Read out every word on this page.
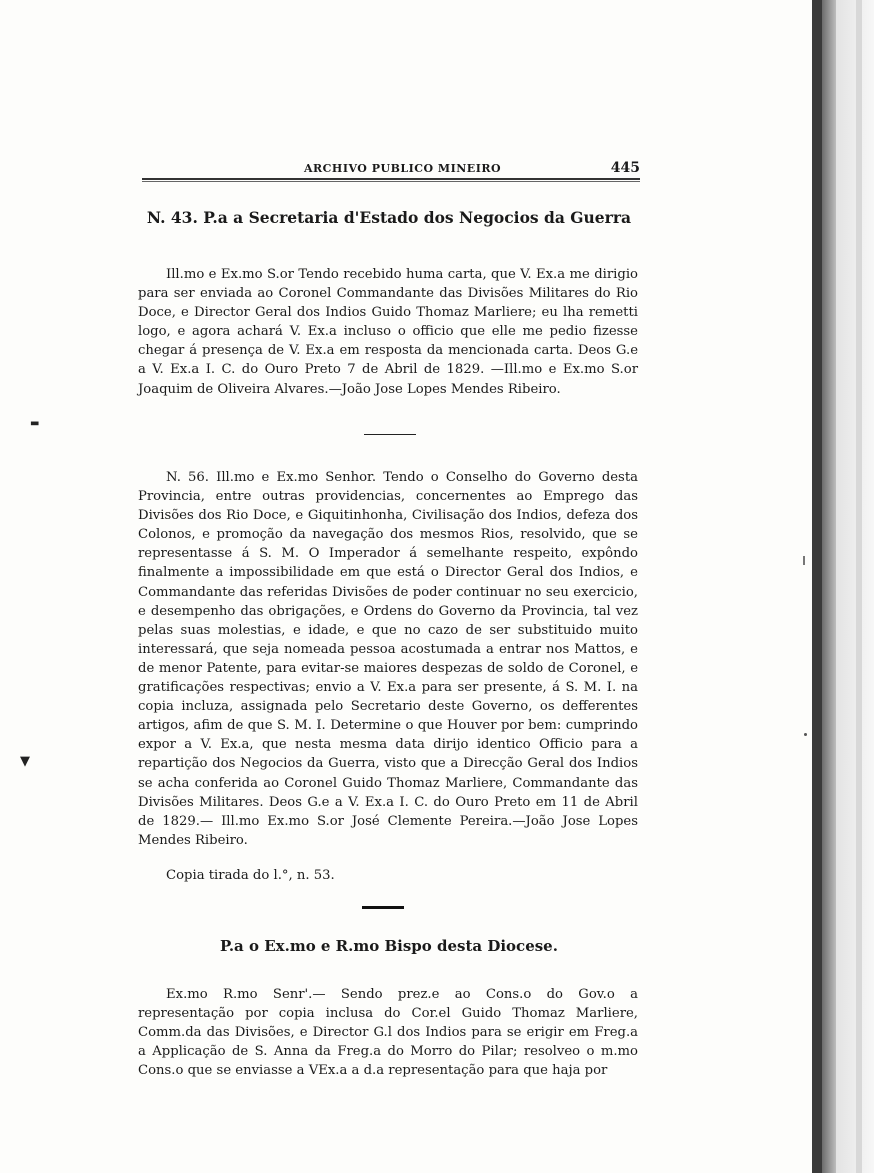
ARCHIVO PUBLICO MINEIRO	445
N. 43. P.a a Secretaria d'Estado dos Negocios da Guerra
Ill.mo e Ex.mo S.or Tendo recebido huma carta, que V. Ex.a me dirigio para ser enviada ao Coronel Commandante das Divisões Militares do Rio Doce, e Director Geral dos Indios Guido Thomaz Marliere; eu lha remetti logo, e agora achará V. Ex.a incluso o officio que elle me pedio fizesse chegar á presença de V. Ex.a em resposta da mencionada carta. Deos G.e a V. Ex.a I. C. do Ouro Preto 7 de Abril de 1829. —Ill.mo e Ex.mo S.or Joaquim de Oliveira Alvares.—João Jose Lopes Mendes Ribeiro.
N. 56. Ill.mo e Ex.mo Senhor. Tendo o Conselho do Governo desta Provincia, entre outras providencias, concernentes ao Emprego das Divisões dos Rio Doce, e Giquitinhonha, Civilisação dos Indios, defeza dos Colonos, e promoção da navegação dos mesmos Rios, resolvido, que se representasse á S. M. O Imperador á semelhante respeito, expôndo finalmente a impossibilidade em que está o Director Geral dos Indios, e Commandante das referidas Divisões de poder continuar no seu exercicio, e desempenho das obrigações, e Ordens do Governo da Provincia, tal vez pelas suas molestias, e idade, e que no cazo de ser substituido muito interessará, que seja nomeada pessoa acostumada a entrar nos Mattos, e de menor Patente, para evitar-se maiores despezas de soldo de Coronel, e gratificações respectivas; envio a V. Ex.a para ser presente, á S. M. I. na copia incluza, assignada pelo Secretario deste Governo, os defferentes artigos, afim de que S. M. I. Determine o que Houver por bem: cumprindo expor a V. Ex.a, que nesta mesma data dirijo identico Officio para a repartição dos Negocios da Guerra, visto que a Direcção Geral dos Indios se acha conferida ao Coronel Guido Thomaz Marliere, Commandante das Divisões Militares. Deos G.e a V. Ex.a I. C. do Ouro Preto em 11 de Abril de 1829.— Ill.mo Ex.mo S.or José Clemente Pereira.—João Jose Lopes Mendes Ribeiro.
Copia tirada do l.°, n. 53.
P.a o Ex.mo e R.mo Bispo desta Diocese.
Ex.mo R.mo Senr'.— Sendo prez.e ao Cons.o do Gov.o a representação por copia inclusa do Cor.el Guido Thomaz Marliere, Comm.da das Divisões, e Director G.l dos Indios para se erigir em Freg.a a Applicação de S. Anna da Freg.a do Morro do Pilar; resolveo o m.mo Cons.o que se enviasse a VEx.a a d.a representação para que haja por
▬
▼
